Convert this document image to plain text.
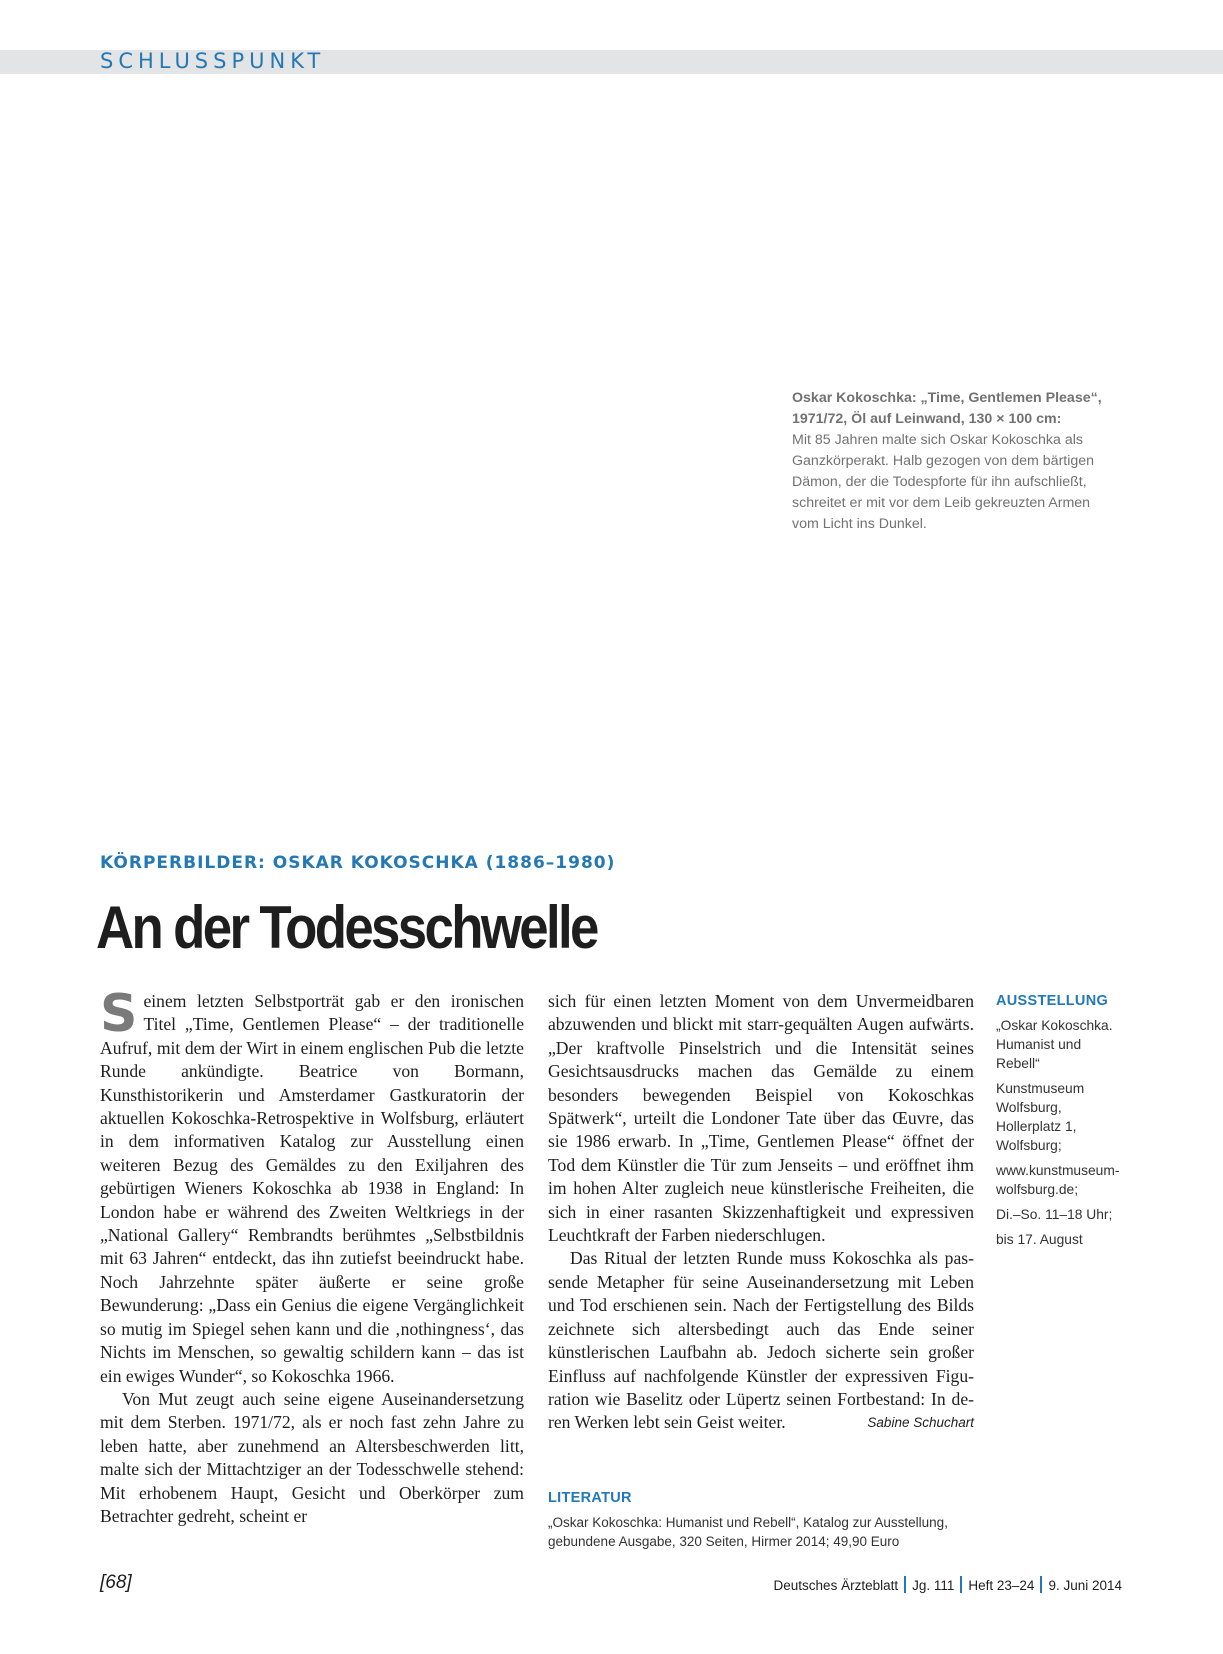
SCHLUSSPUNKT
Oskar Kokoschka: „Time, Gentlemen Please“, 1971/72, Öl auf Leinwand, 130 × 100 cm:
Mit 85 Jahren malte sich Oskar Kokoschka als Ganzkörperakt. Halb gezogen von dem bärtigen Dämon, der die Todespforte für ihn aufschließt, schreitet er mit vor dem Leib gekreuzten Armen vom Licht ins Dunkel.
KÖRPERBILDER: OSKAR KOKOSCHKA (1886–1980)
An der Todesschwelle

Seinem letzten Selbstporträt gab er den ironischen Titel „Time, Gentlemen Please“ – der traditionelle Aufruf, mit dem der Wirt in einem englischen Pub die letzte Runde ankündigte. Beatrice von Bormann, Kunsthistorikerin und Amsterdamer Gastkuratorin der aktuellen Kokoschka-Retrospektive in Wolfsburg, erläutert in dem informativen Katalog zur Ausstellung einen weiteren Bezug des Gemäldes zu den Exiljahren des gebürtigen Wieners Kokoschka ab 1938 in England: In London habe er während des Zweiten Weltkriegs in der „National Gallery“ Rembrandts berühmtes „Selbstbildnis mit 63 Jahren“ entdeckt, das ihn zutiefst beeindruckt habe. Noch Jahrzehnte später äußerte er seine große Bewunderung: „Dass ein Genius die eigene Vergänglichkeit so mutig im Spiegel sehen kann und die ‚nothingness‘, das Nichts im Menschen, so gewaltig schildern kann – das ist ein ewiges Wunder“, so Kokoschka 1966.

Von Mut zeugt auch seine eigene Auseinandersetzung mit dem Sterben. 1971/72, als er noch fast zehn Jahre zu leben hatte, aber zunehmend an Altersbeschwerden litt, malte sich der Mittachtziger an der Todesschwelle stehend: Mit erhobenem Haupt, Gesicht und Oberkörper zum Betrachter gedreht, scheint er

sich für einen letzten Moment von dem Unvermeidbaren abzuwenden und blickt mit starr-gequälten Augen aufwärts. „Der kraftvolle Pinselstrich und die Intensität seines Gesichtsausdrucks machen das Gemälde zu einem besonders bewegenden Beispiel von Kokoschkas Spätwerk“, urteilt die Londoner Tate über das Œuvre, das sie 1986 erwarb. In „Time, Gentlemen Please“ öffnet der Tod dem Künstler die Tür zum Jenseits – und eröffnet ihm im hohen Alter zugleich neue künstlerische Freiheiten, die sich in einer rasanten Skizzenhaftigkeit und expressiven Leuchtkraft der Farben niederschlugen.

Das Ritual der letzten Runde muss Kokoschka als passende Metapher für seine Auseinandersetzung mit Leben und Tod erschienen sein. Nach der Fertigstellung des Bilds zeichnete sich altersbedingt auch das Ende seiner künstlerischen Laufbahn ab. Jedoch sicherte sein großer Einfluss auf nachfolgende Künstler der expressiven Figuration wie Baselitz oder Lüpertz seinen Fortbestand: In deren Werken lebt sein Geist weiter.	Sabine Schuchart

LITERATUR
„Oskar Kokoschka: Humanist und Rebell“, Katalog zur Ausstellung, gebundene Ausgabe, 320 Seiten, Hirmer 2014; 49,90 Euro
AUSSTELLUNG

„Oskar Kokoschka. Humanist und Rebell“

Kunstmuseum Wolfsburg, Hollerplatz 1, Wolfsburg;

www.kunstmuseum-wolfsburg.de;

Di.–So. 11–18 Uhr;

bis 17. August

[68]	Deutsches Ärzteblatt Jg. 111 Heft 23–24 9. Juni 2014
